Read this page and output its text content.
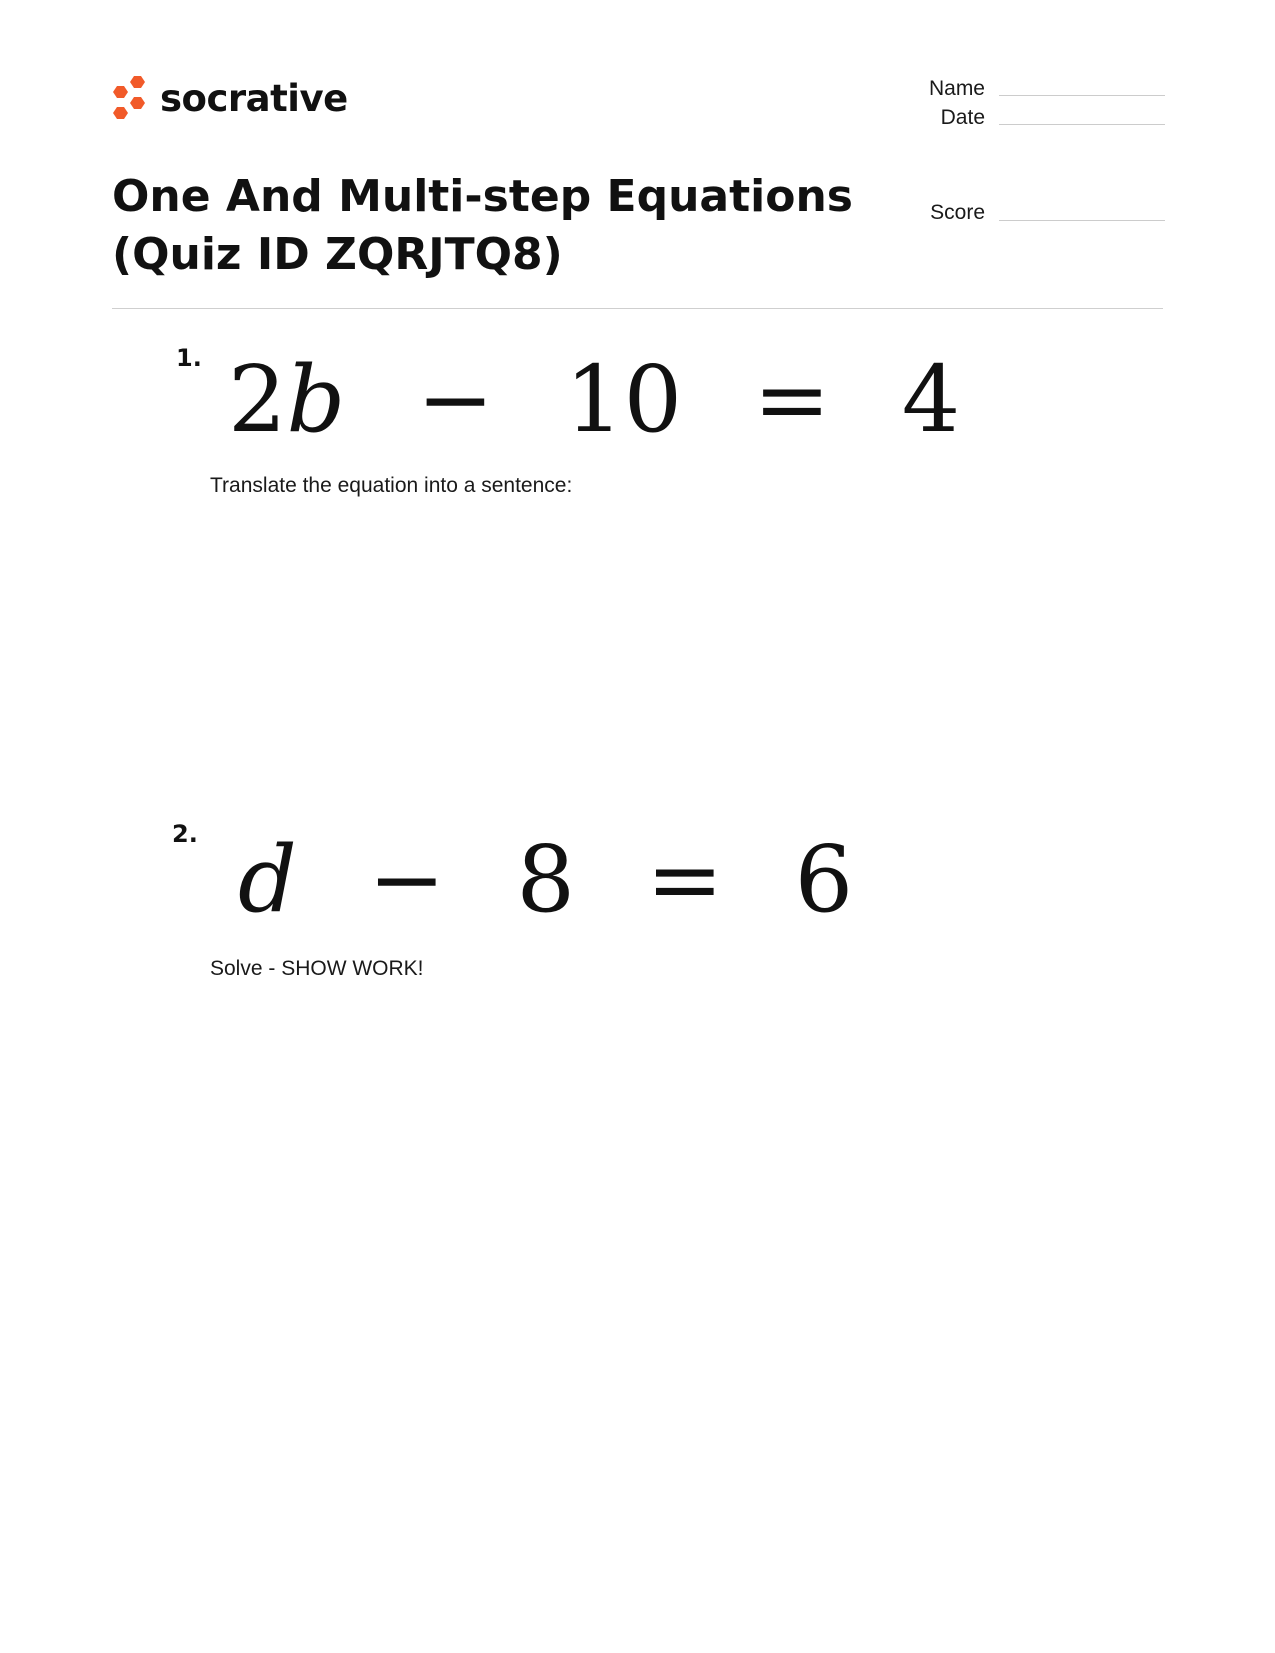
socrative	Name
Date
Score
One And Multi-step Equations
(Quiz ID ZQRJTQ8)
1. 2b − 10 = 4
Translate the equation into a sentence:
2. d − 8 = 6
Solve - SHOW WORK!
